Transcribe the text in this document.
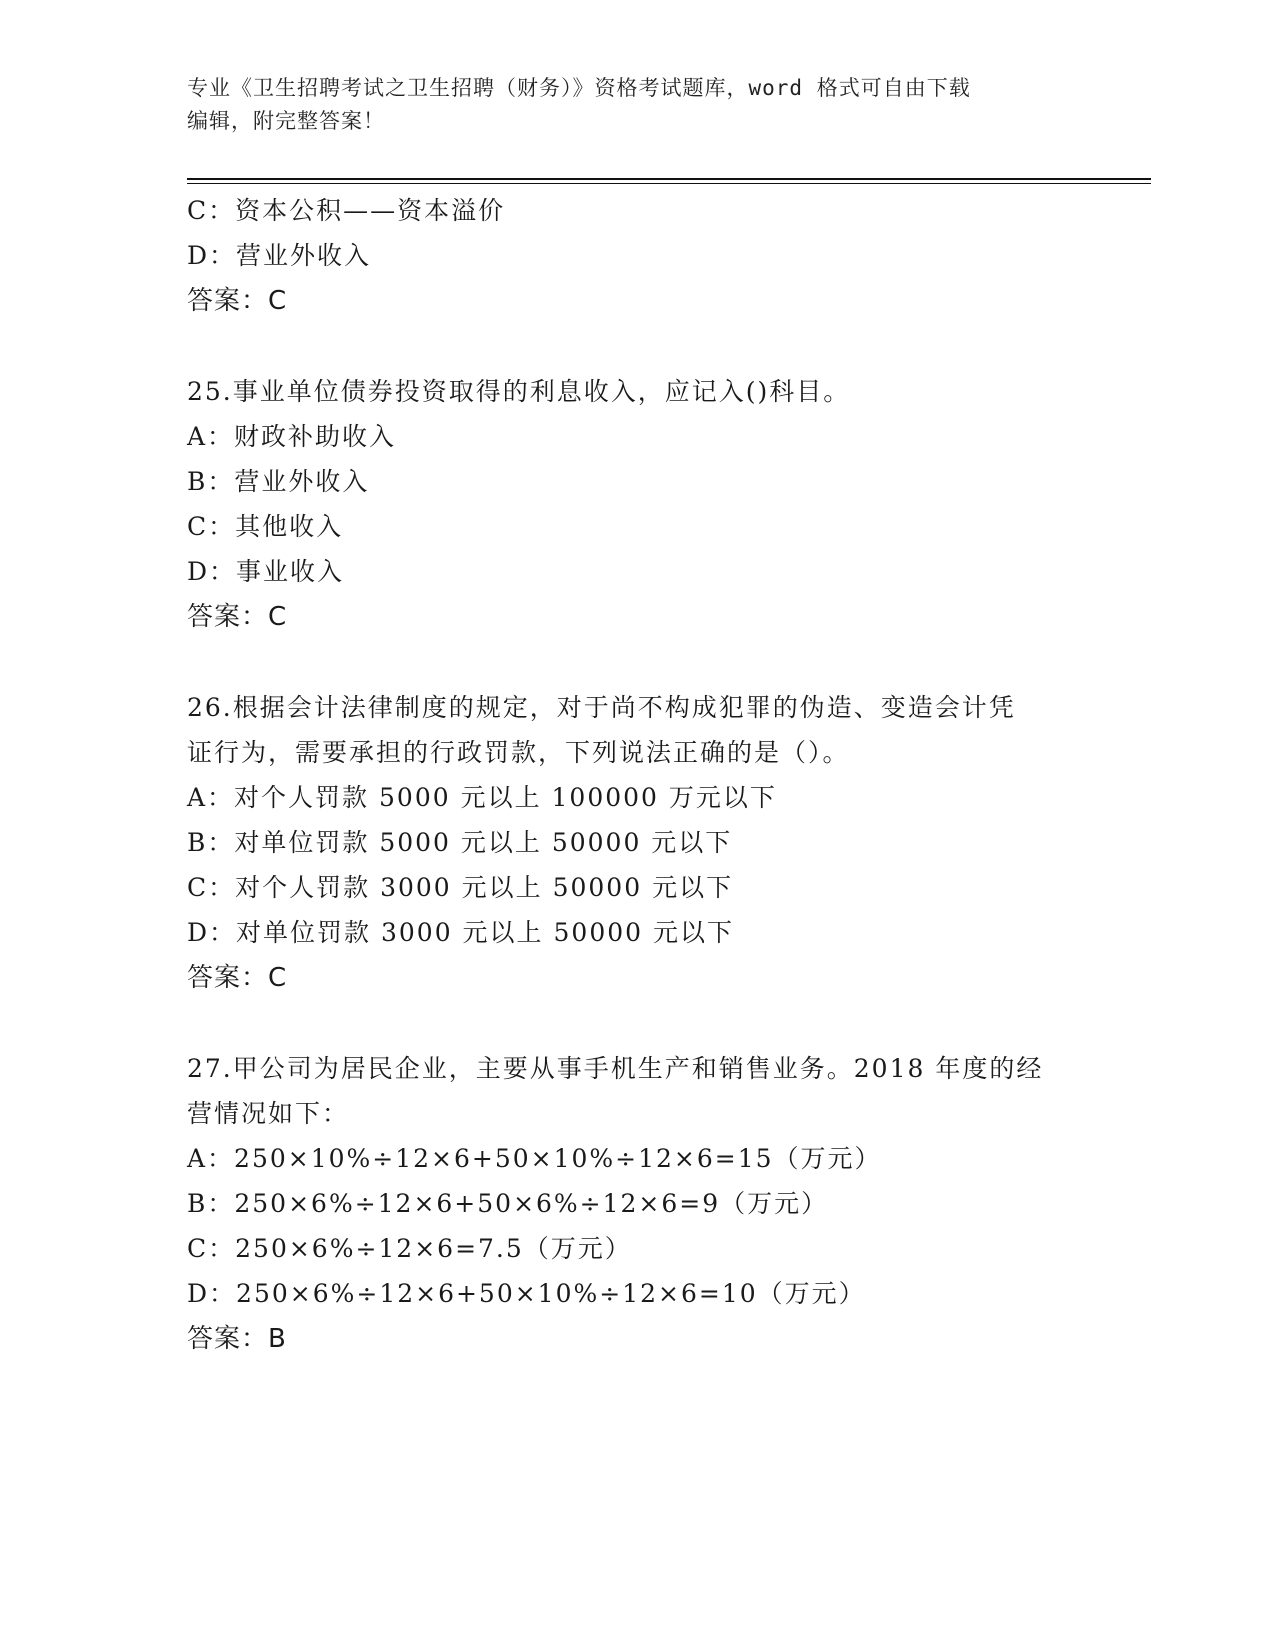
专业《卫生招聘考试之卫生招聘（财务）》资格考试题库，word 格式可自由下载
编辑，附完整答案！
C：资本公积——资本溢价
D：营业外收入
答案：C
25.事业单位债券投资取得的利息收入，应记入()科目。
A：财政补助收入
B：营业外收入
C：其他收入
D：事业收入
答案：C
26.根据会计法律制度的规定，对于尚不构成犯罪的伪造、变造会计凭
证行为，需要承担的行政罚款，下列说法正确的是（）。
A：对个人罚款 5000 元以上 100000 万元以下
B：对单位罚款 5000 元以上 50000 元以下
C：对个人罚款 3000 元以上 50000 元以下
D：对单位罚款 3000 元以上 50000 元以下
答案：C
27.甲公司为居民企业，主要从事手机生产和销售业务。2018 年度的经
营情况如下：
A：250×10%÷12×6+50×10%÷12×6=15（万元）
B：250×6%÷12×6+50×6%÷12×6=9（万元）
C：250×6%÷12×6=7.5（万元）
D：250×6%÷12×6+50×10%÷12×6=10（万元）
答案：B
